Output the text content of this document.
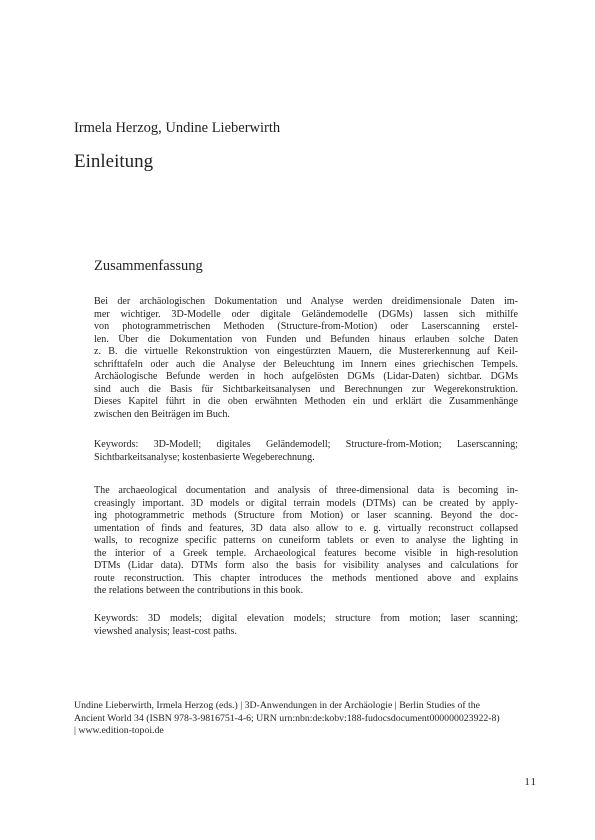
Irmela Herzog, Undine Lieberwirth
Einleitung
Zusammenfassung
Bei der archäologischen Dokumentation und Analyse werden dreidimensionale Daten im-
mer wichtiger. 3D-Modelle oder digitale Geländemodelle (DGMs) lassen sich mithilfe
von photogrammetrischen Methoden (Structure-from-Motion) oder Laserscanning erstel-
len. Über die Dokumentation von Funden und Befunden hinaus erlauben solche Daten
z. B. die virtuelle Rekonstruktion von eingestürzten Mauern, die Mustererkennung auf Keil-
schrifttafeln oder auch die Analyse der Beleuchtung im Innern eines griechischen Tempels.
Archäologische Befunde werden in hoch aufgelösten DGMs (Lidar-Daten) sichtbar. DGMs
sind auch die Basis für Sichtbarkeitsanalysen und Berechnungen zur Wegerekonstruktion.
Dieses Kapitel führt in die oben erwähnten Methoden ein und erklärt die Zusammenhänge
zwischen den Beiträgen im Buch.
Keywords: 3D-Modell; digitales Geländemodell; Structure-from-Motion; Laserscanning;
Sichtbarkeitsanalyse; kostenbasierte Wegeberechnung.
The archaeological documentation and analysis of three-dimensional data is becoming in-
creasingly important. 3D models or digital terrain models (DTMs) can be created by apply-
ing photogrammetric methods (Structure from Motion) or laser scanning. Beyond the doc-
umentation of finds and features, 3D data also allow to e. g. virtually reconstruct collapsed
walls, to recognize specific patterns on cuneiform tablets or even to analyse the lighting in
the interior of a Greek temple. Archaeological features become visible in high-resolution
DTMs (Lidar data). DTMs form also the basis for visibility analyses and calculations for
route reconstruction. This chapter introduces the methods mentioned above and explains
the relations between the contributions in this book.
Keywords: 3D models; digital elevation models; structure from motion; laser scanning;
viewshed analysis; least-cost paths.
Undine Lieberwirth, Irmela Herzog (eds.) | 3D-Anwendungen in der Archäologie | Berlin Studies of the
Ancient World 34 (ISBN 978-3-9816751-4-6; URN urn:nbn:de:kobv:188-fudocsdocument000000023922-8)
| www.edition-topoi.de
11
